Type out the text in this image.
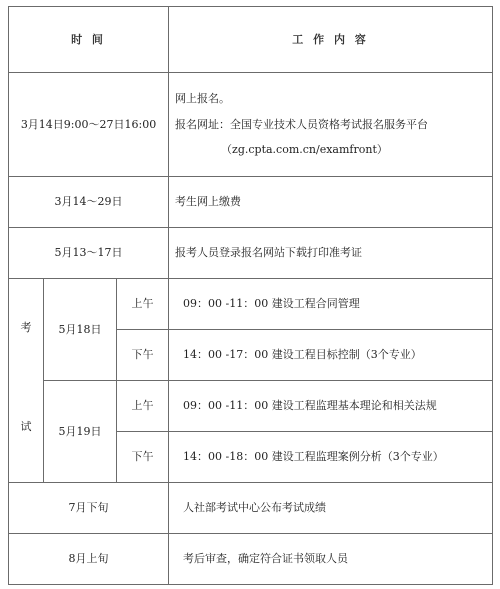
时 间			工 作 内 容
3月14日9:00～27日16:00			网上报名。

报名网址：全国专业技术人员资格考试报名服务平台

（zg.cpta.com.cn/examfront）

3月14～29日			考生网上缴费
5月13～17日			报考人员登录报名网站下载打印准考证
考
试	5月18日	上午	09：00 -11：00 建设工程合同管理
		下午	14：00 -17：00 建设工程目标控制（3个专业）
	5月19日	上午	09：00 -11：00 建设工程监理基本理论和相关法规
		下午	14：00 -18：00 建设工程监理案例分析（3个专业）
7月下旬			人社部考试中心公布考试成绩
8月上旬			考后审查，确定符合证书领取人员
